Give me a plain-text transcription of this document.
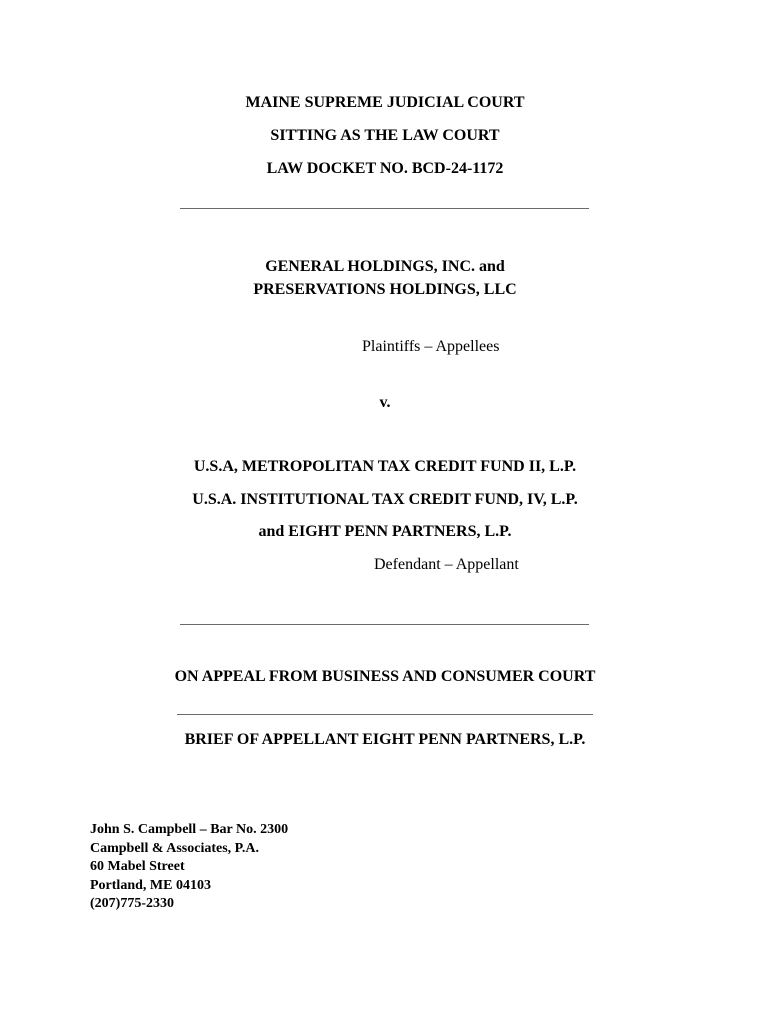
MAINE SUPREME JUDICIAL COURT
SITTING AS THE LAW COURT
LAW DOCKET NO. BCD-24-1172
GENERAL HOLDINGS, INC. and
PRESERVATIONS HOLDINGS, LLC
Plaintiffs – Appellees
v.
U.S.A, METROPOLITAN TAX CREDIT FUND II, L.P.
U.S.A. INSTITUTIONAL TAX CREDIT FUND, IV, L.P.
and EIGHT PENN PARTNERS, L.P.
Defendant – Appellant
ON APPEAL FROM BUSINESS AND CONSUMER COURT
BRIEF OF APPELLANT EIGHT PENN PARTNERS, L.P.
John S. Campbell – Bar No. 2300
Campbell & Associates, P.A.
60 Mabel Street
Portland, ME 04103
(207)775-2330
